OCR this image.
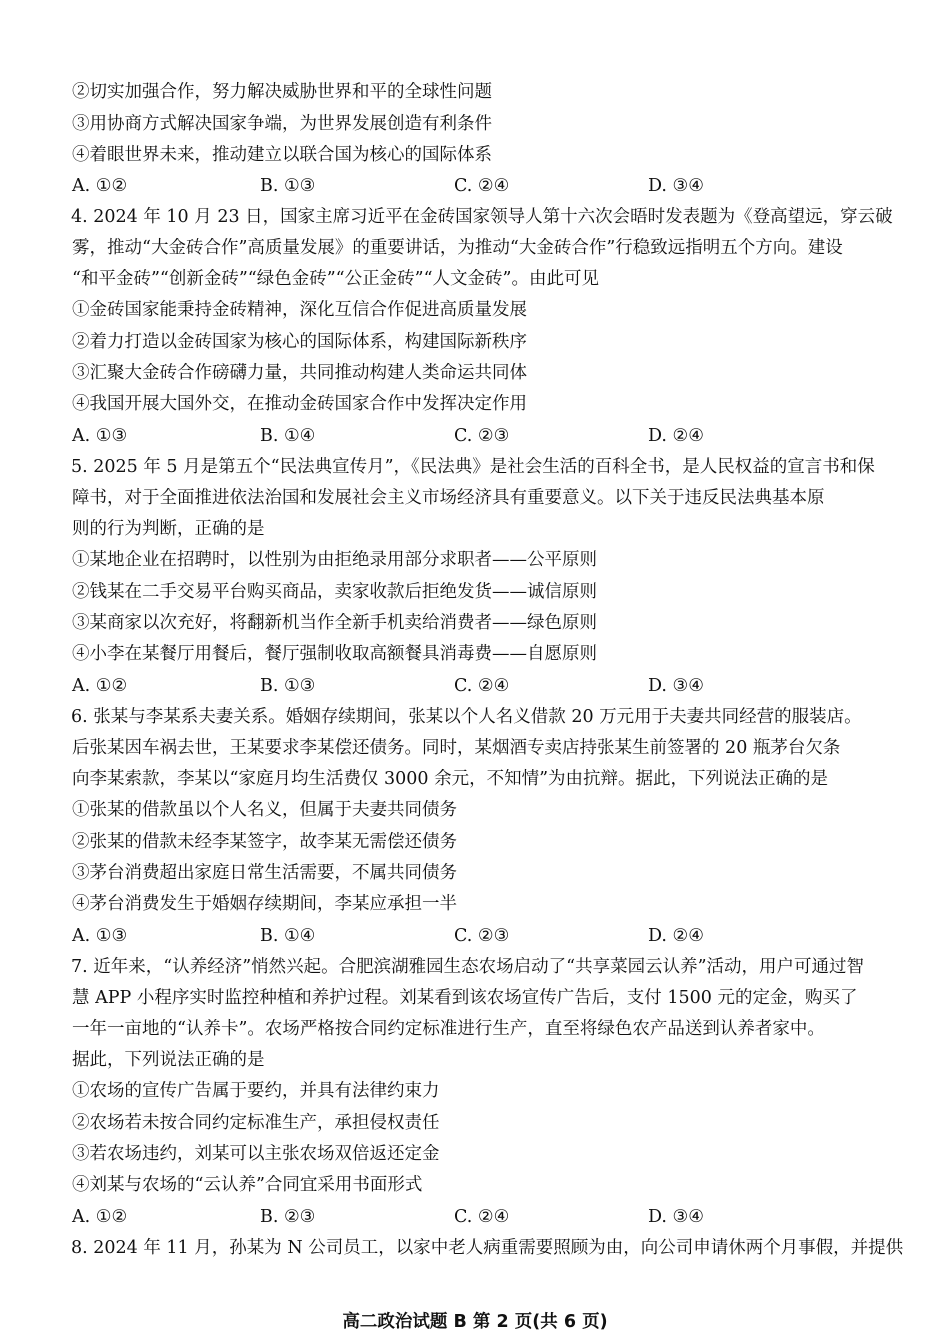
②切实加强合作，努力解决威胁世界和平的全球性问题
③用协商方式解决国家争端，为世界发展创造有利条件
④着眼世界未来，推动建立以联合国为核心的国际体系
A. ①②	B. ①③	C. ②④	D. ③④
4. 2024 年 10 月 23 日，国家主席习近平在金砖国家领导人第十六次会晤时发表题为《登高望远，穿云破
雾，推动“大金砖合作”高质量发展》的重要讲话，为推动“大金砖合作”行稳致远指明五个方向。建设
“和平金砖”“创新金砖”“绿色金砖”“公正金砖”“人文金砖”。由此可见
①金砖国家能秉持金砖精神，深化互信合作促进高质量发展
②着力打造以金砖国家为核心的国际体系，构建国际新秩序
③汇聚大金砖合作磅礴力量，共同推动构建人类命运共同体
④我国开展大国外交，在推动金砖国家合作中发挥决定作用
A. ①③	B. ①④	C. ②③	D. ②④
5. 2025 年 5 月是第五个“民法典宣传月”，《民法典》是社会生活的百科全书，是人民权益的宣言书和保
障书，对于全面推进依法治国和发展社会主义市场经济具有重要意义。以下关于违反民法典基本原
则的行为判断，正确的是
①某地企业在招聘时，以性别为由拒绝录用部分求职者——公平原则
②钱某在二手交易平台购买商品，卖家收款后拒绝发货——诚信原则
③某商家以次充好，将翻新机当作全新手机卖给消费者——绿色原则
④小李在某餐厅用餐后，餐厅强制收取高额餐具消毒费——自愿原则
A. ①②	B. ①③	C. ②④	D. ③④
6. 张某与李某系夫妻关系。婚姻存续期间，张某以个人名义借款 20 万元用于夫妻共同经营的服装店。
后张某因车祸去世，王某要求李某偿还债务。同时，某烟酒专卖店持张某生前签署的 20 瓶茅台欠条
向李某索款，李某以“家庭月均生活费仅 3000 余元，不知情”为由抗辩。据此，下列说法正确的是
①张某的借款虽以个人名义，但属于夫妻共同债务
②张某的借款未经李某签字，故李某无需偿还债务
③茅台消费超出家庭日常生活需要，不属共同债务
④茅台消费发生于婚姻存续期间，李某应承担一半
A. ①③	B. ①④	C. ②③	D. ②④
7. 近年来，“认养经济”悄然兴起。合肥滨湖雅园生态农场启动了“共享菜园云认养”活动，用户可通过智
慧 APP 小程序实时监控种植和养护过程。刘某看到该农场宣传广告后，支付 1500 元的定金，购买了
一年一亩地的“认养卡”。农场严格按合同约定标准进行生产，直至将绿色农产品送到认养者家中。
据此，下列说法正确的是
①农场的宣传广告属于要约，并具有法律约束力
②农场若未按合同约定标准生产，承担侵权责任
③若农场违约，刘某可以主张农场双倍返还定金
④刘某与农场的“云认养”合同宜采用书面形式
A. ①②	B. ②③	C. ②④	D. ③④
8. 2024 年 11 月，孙某为 N 公司员工，以家中老人病重需要照顾为由，向公司申请休两个月事假，并提供
高二政治试题 B 第 2 页(共 6 页)
